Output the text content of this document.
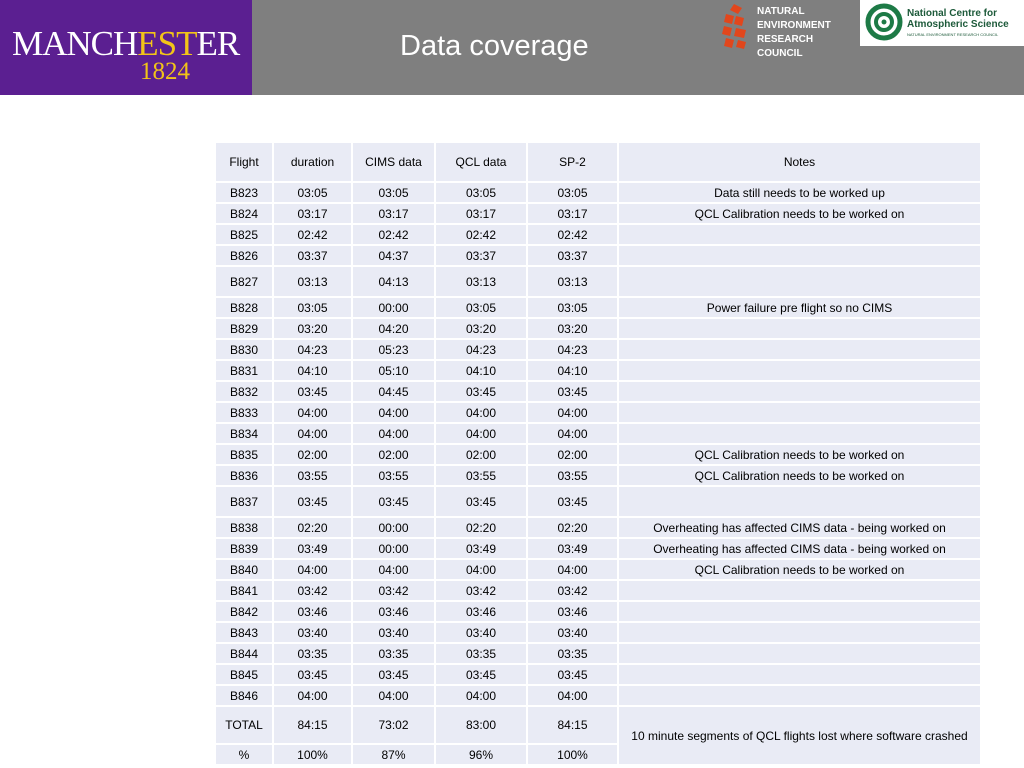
MANCHESTER
1824
Data coverage
NATURAL
ENVIRONMENT
RESEARCH COUNCIL
National Centre for
Atmospheric Science
NATURAL ENVIRONMENT RESEARCH COUNCIL
Flight	duration	CIMS data	QCL data	SP-2	Notes
B823	03:05	03:05	03:05	03:05	Data still needs to be worked up
B824	03:17	03:17	03:17	03:17	QCL Calibration needs to be worked on
B825	02:42	02:42	02:42	02:42	
B826	03:37	04:37	03:37	03:37	
B827	03:13	04:13	03:13	03:13	
B828	03:05	00:00	03:05	03:05	Power failure pre flight so no CIMS
B829	03:20	04:20	03:20	03:20	
B830	04:23	05:23	04:23	04:23	
B831	04:10	05:10	04:10	04:10	
B832	03:45	04:45	03:45	03:45	
B833	04:00	04:00	04:00	04:00	
B834	04:00	04:00	04:00	04:00	
B835	02:00	02:00	02:00	02:00	QCL Calibration needs to be worked on
B836	03:55	03:55	03:55	03:55	QCL Calibration needs to be worked on
B837	03:45	03:45	03:45	03:45	
B838	02:20	00:00	02:20	02:20	Overheating has affected CIMS data - being worked on
B839	03:49	00:00	03:49	03:49	Overheating has affected CIMS data - being worked on
B840	04:00	04:00	04:00	04:00	QCL Calibration needs to be worked on
B841	03:42	03:42	03:42	03:42	
B842	03:46	03:46	03:46	03:46	
B843	03:40	03:40	03:40	03:40	
B844	03:35	03:35	03:35	03:35	
B845	03:45	03:45	03:45	03:45	
B846	04:00	04:00	04:00	04:00	
TOTAL	84:15	73:02	83:00	84:15	10 minute segments of QCL flights lost where software crashed
%	100%	87%	96%	100%	
